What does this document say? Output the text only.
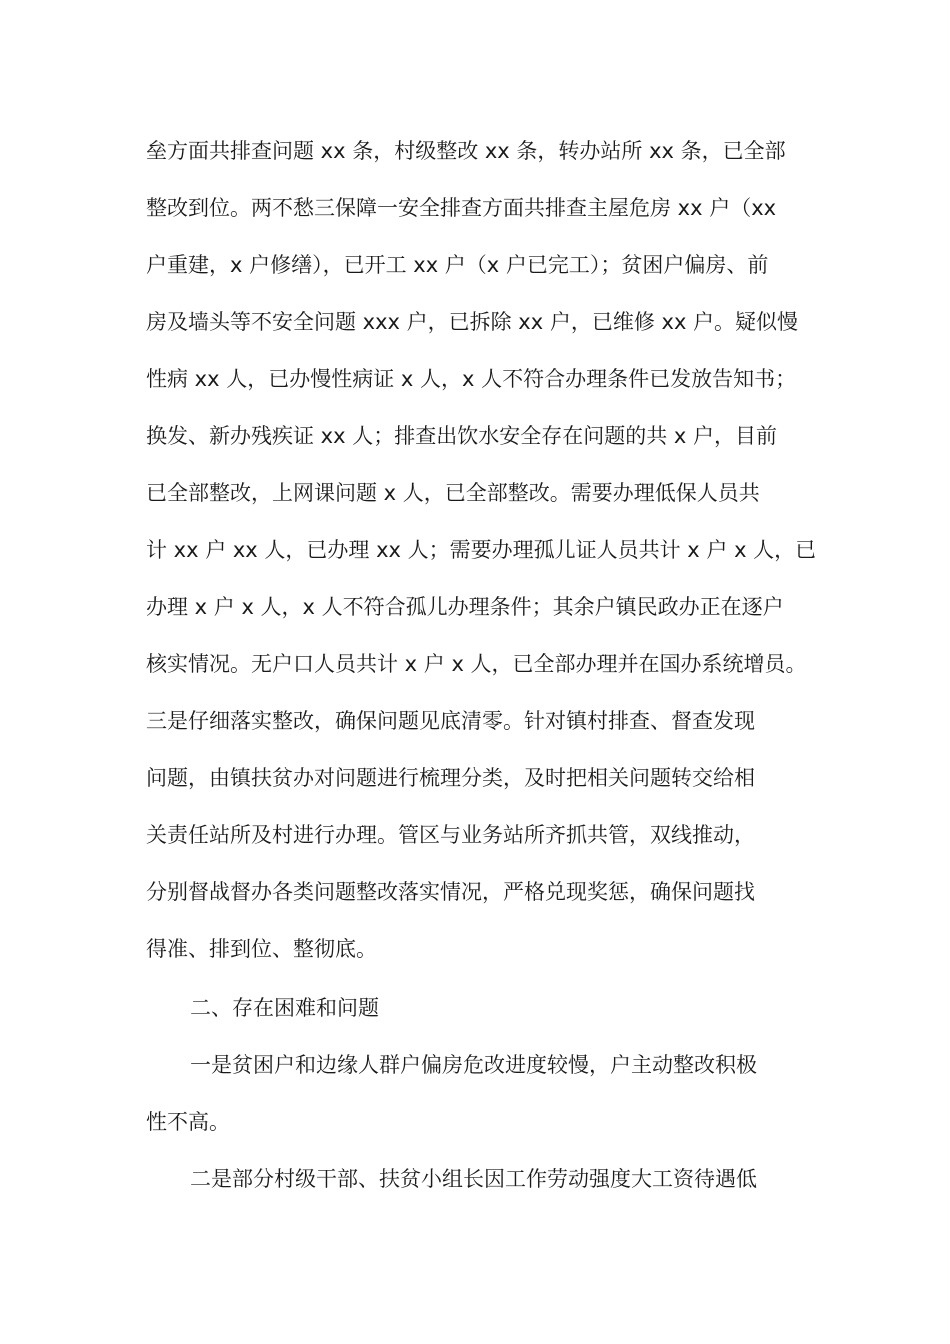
垒方面共排查问题 xx 条，村级整改 xx 条，转办站所 xx 条，已全部
整改到位。两不愁三保障一安全排查方面共排查主屋危房 xx 户（xx
户重建，x 户修缮），已开工 xx 户（x 户已完工）；贫困户偏房、前
房及墙头等不安全问题 xxx 户，已拆除 xx 户，已维修 xx 户。疑似慢
性病 xx 人，已办慢性病证 x 人，x 人不符合办理条件已发放告知书；
换发、新办残疾证 xx 人；排查出饮水安全存在问题的共 x 户，目前
已全部整改，上网课问题 x 人，已全部整改。需要办理低保人员共
计 xx 户 xx 人，已办理 xx 人；需要办理孤儿证人员共计 x 户 x 人，已
办理 x 户 x 人，x 人不符合孤儿办理条件；其余户镇民政办正在逐户
核实情况。无户口人员共计 x 户 x 人，已全部办理并在国办系统增员。
三是仔细落实整改，确保问题见底清零。针对镇村排查、督查发现
问题，由镇扶贫办对问题进行梳理分类，及时把相关问题转交给相
关责任站所及村进行办理。管区与业务站所齐抓共管，双线推动，
分别督战督办各类问题整改落实情况，严格兑现奖惩，确保问题找
得准、排到位、整彻底。
二、存在困难和问题
一是贫困户和边缘人群户偏房危改进度较慢，户主动整改积极
性不高。
二是部分村级干部、扶贫小组长因工作劳动强度大工资待遇低
